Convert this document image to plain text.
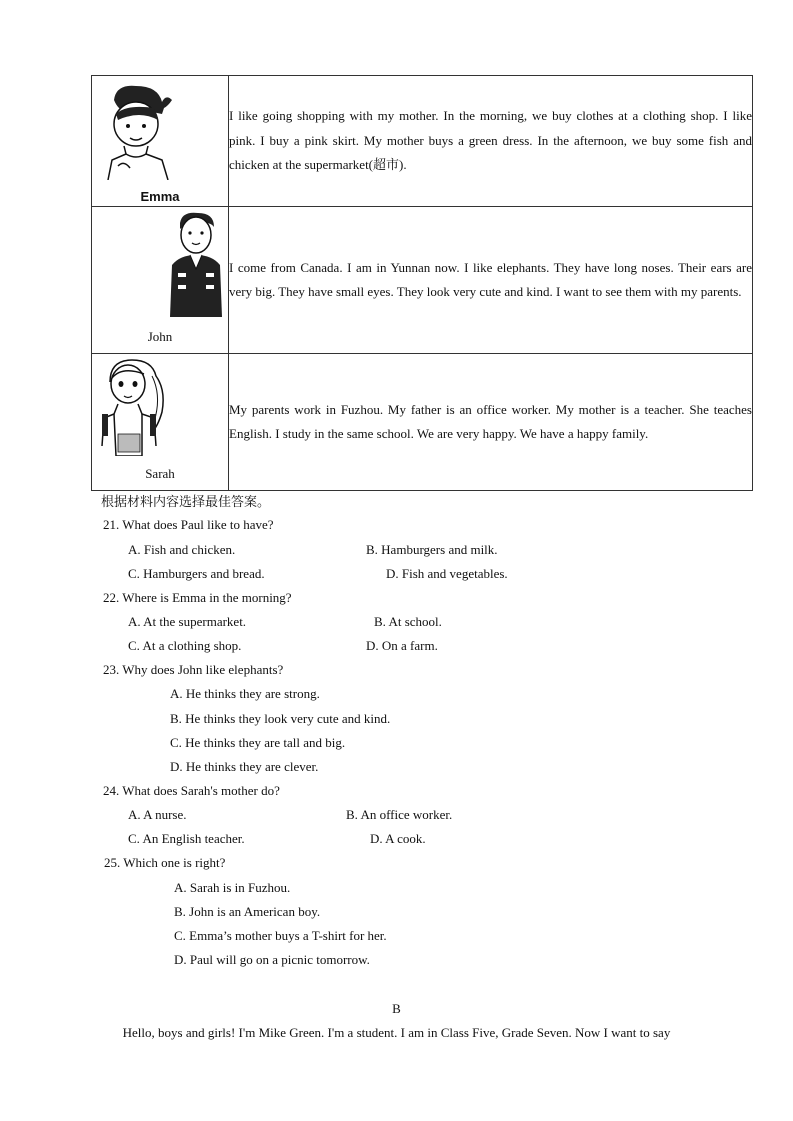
Emma	I like going shopping with my mother. In the morning, we buy clothes at a clothing shop. I like pink. I buy a pink skirt. My mother buys a green dress. In the afternoon, we buy some fish and chicken at the supermarket(超市).

John	I come from Canada. I am in Yunnan now. I like elephants. They have long noses. Their ears are very big. They have small eyes. They look very cute and kind. I want to see them with my parents.

Sarah	My parents work in Fuzhou. My father is an office worker. My mother is a teacher. She teaches English. I study in the same school. We are very happy. We have a happy family.
根据材料内容选择最佳答案。
21. What does Paul like to have?
A. Fish and chicken.	B. Hamburgers and milk.
C. Hamburgers and bread.	D. Fish and vegetables.
22. Where is Emma in the morning?
A. At the supermarket.	B. At school.
C. At a clothing shop.	D. On a farm.
23. Why does John like elephants?
A. He thinks they are strong.
B. He thinks they look very cute and kind.
C. He thinks they are tall and big.
D. He thinks they are clever.
24. What does Sarah's mother do?
A. A nurse.	B. An office worker.
C. An English teacher.	D. A cook.
25. Which one is right?
A. Sarah is in Fuzhou.
B. John is an American boy.
C. Emma’s mother buys a T-shirt for her.
D. Paul will go on a picnic tomorrow.
B
Hello, boys and girls! I'm Mike Green. I'm a student. I am in Class Five, Grade Seven. Now I want to say
